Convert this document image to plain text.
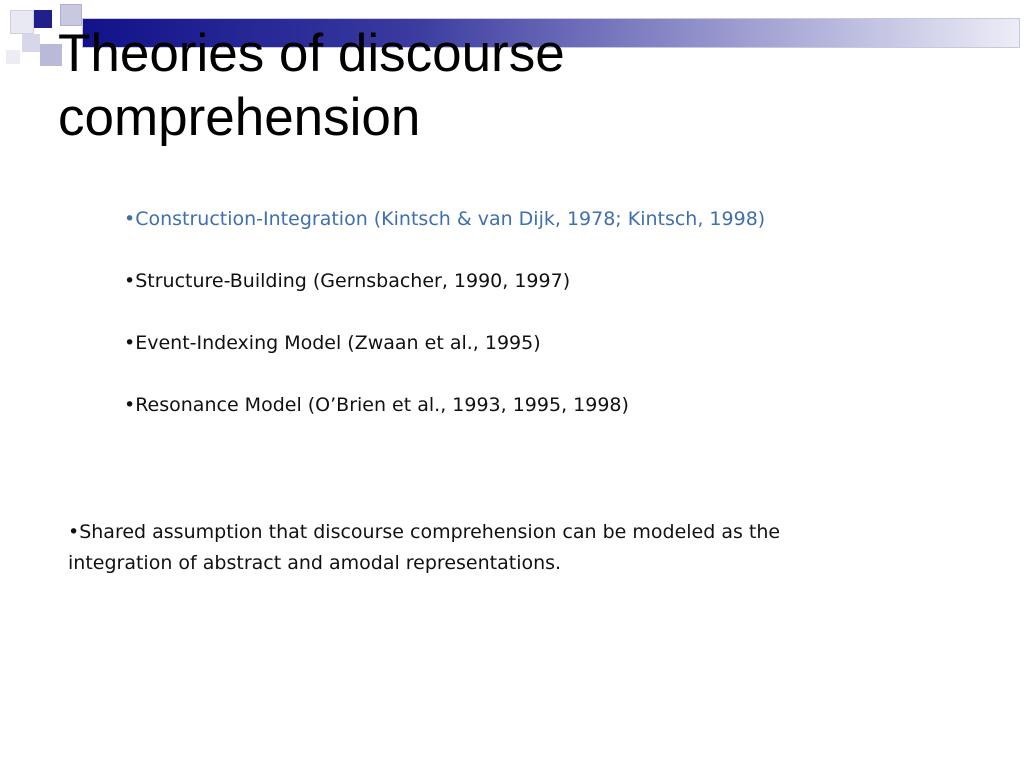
Theories of discourse
comprehension
•Construction-Integration (Kintsch & van Dijk, 1978; Kintsch, 1998)
•Structure-Building (Gernsbacher, 1990, 1997)
•Event-Indexing Model (Zwaan et al., 1995)
•Resonance Model (O’Brien et al., 1993, 1995, 1998)

•Shared assumption that discourse comprehension can be modeled as the integration of abstract and amodal representations.
